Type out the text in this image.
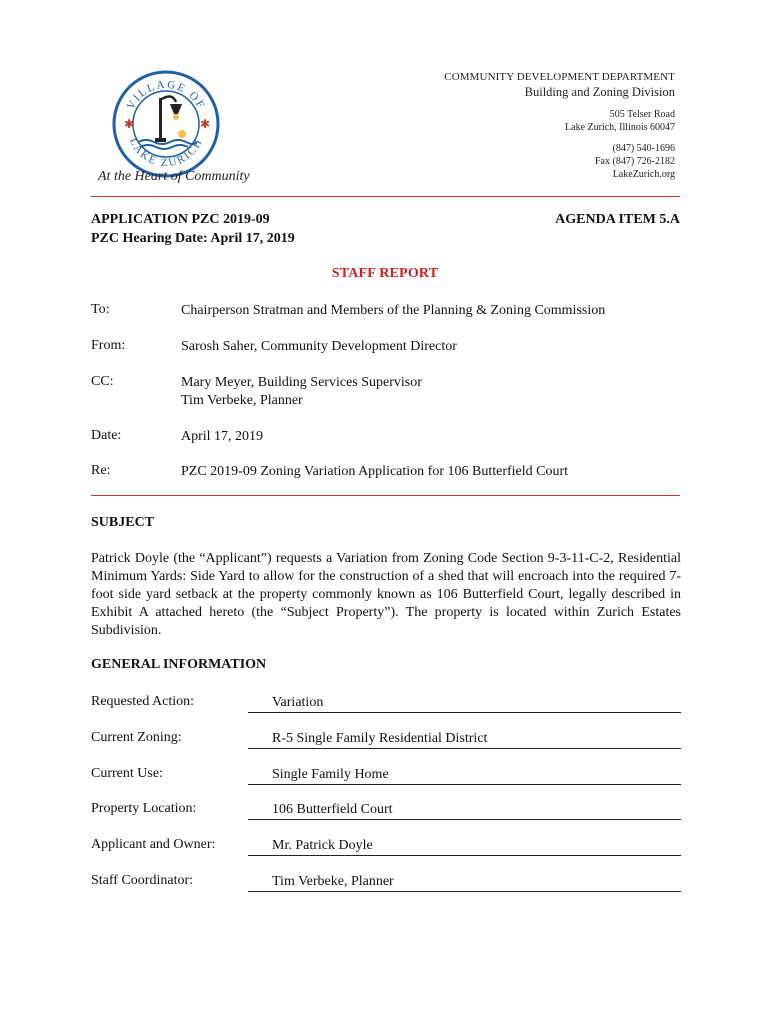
VILLAGE OF
LAKE ZURICH
✱	✱
At the Heart of Community
COMMUNITY DEVELOPMENT DEPARTMENT
Building and Zoning Division
505 Telser Road
Lake Zurich, Illinois 60047
(847) 540-1696
Fax (847) 726-2182
LakeZurich.org
APPLICATION PZC 2019-09
PZC Hearing Date: April 17, 2019
AGENDA ITEM 5.A
STAFF REPORT
To:	Chairperson Stratman and Members of the Planning & Zoning Commission
From:	Sarosh Saher, Community Development Director
CC:	Mary Meyer, Building Services Supervisor
Tim Verbeke, Planner
Date:	April 17, 2019
Re:	PZC 2019-09 Zoning Variation Application for 106 Butterfield Court
SUBJECT
Patrick Doyle (the “Applicant”) requests a Variation from Zoning Code Section 9-3-11-C-2, Residential Minimum Yards: Side Yard to allow for the construction of a shed that will encroach into the required 7-foot side yard setback at the property commonly known as 106 Butterfield Court, legally described in Exhibit A attached hereto (the “Subject Property”). The property is located within Zurich Estates Subdivision.
GENERAL INFORMATION
Requested Action:	Variation
Current Zoning:	R-5 Single Family Residential District
Current Use:	Single Family Home
Property Location:	106 Butterfield Court
Applicant and Owner:	Mr. Patrick Doyle
Staff Coordinator:	Tim Verbeke, Planner
